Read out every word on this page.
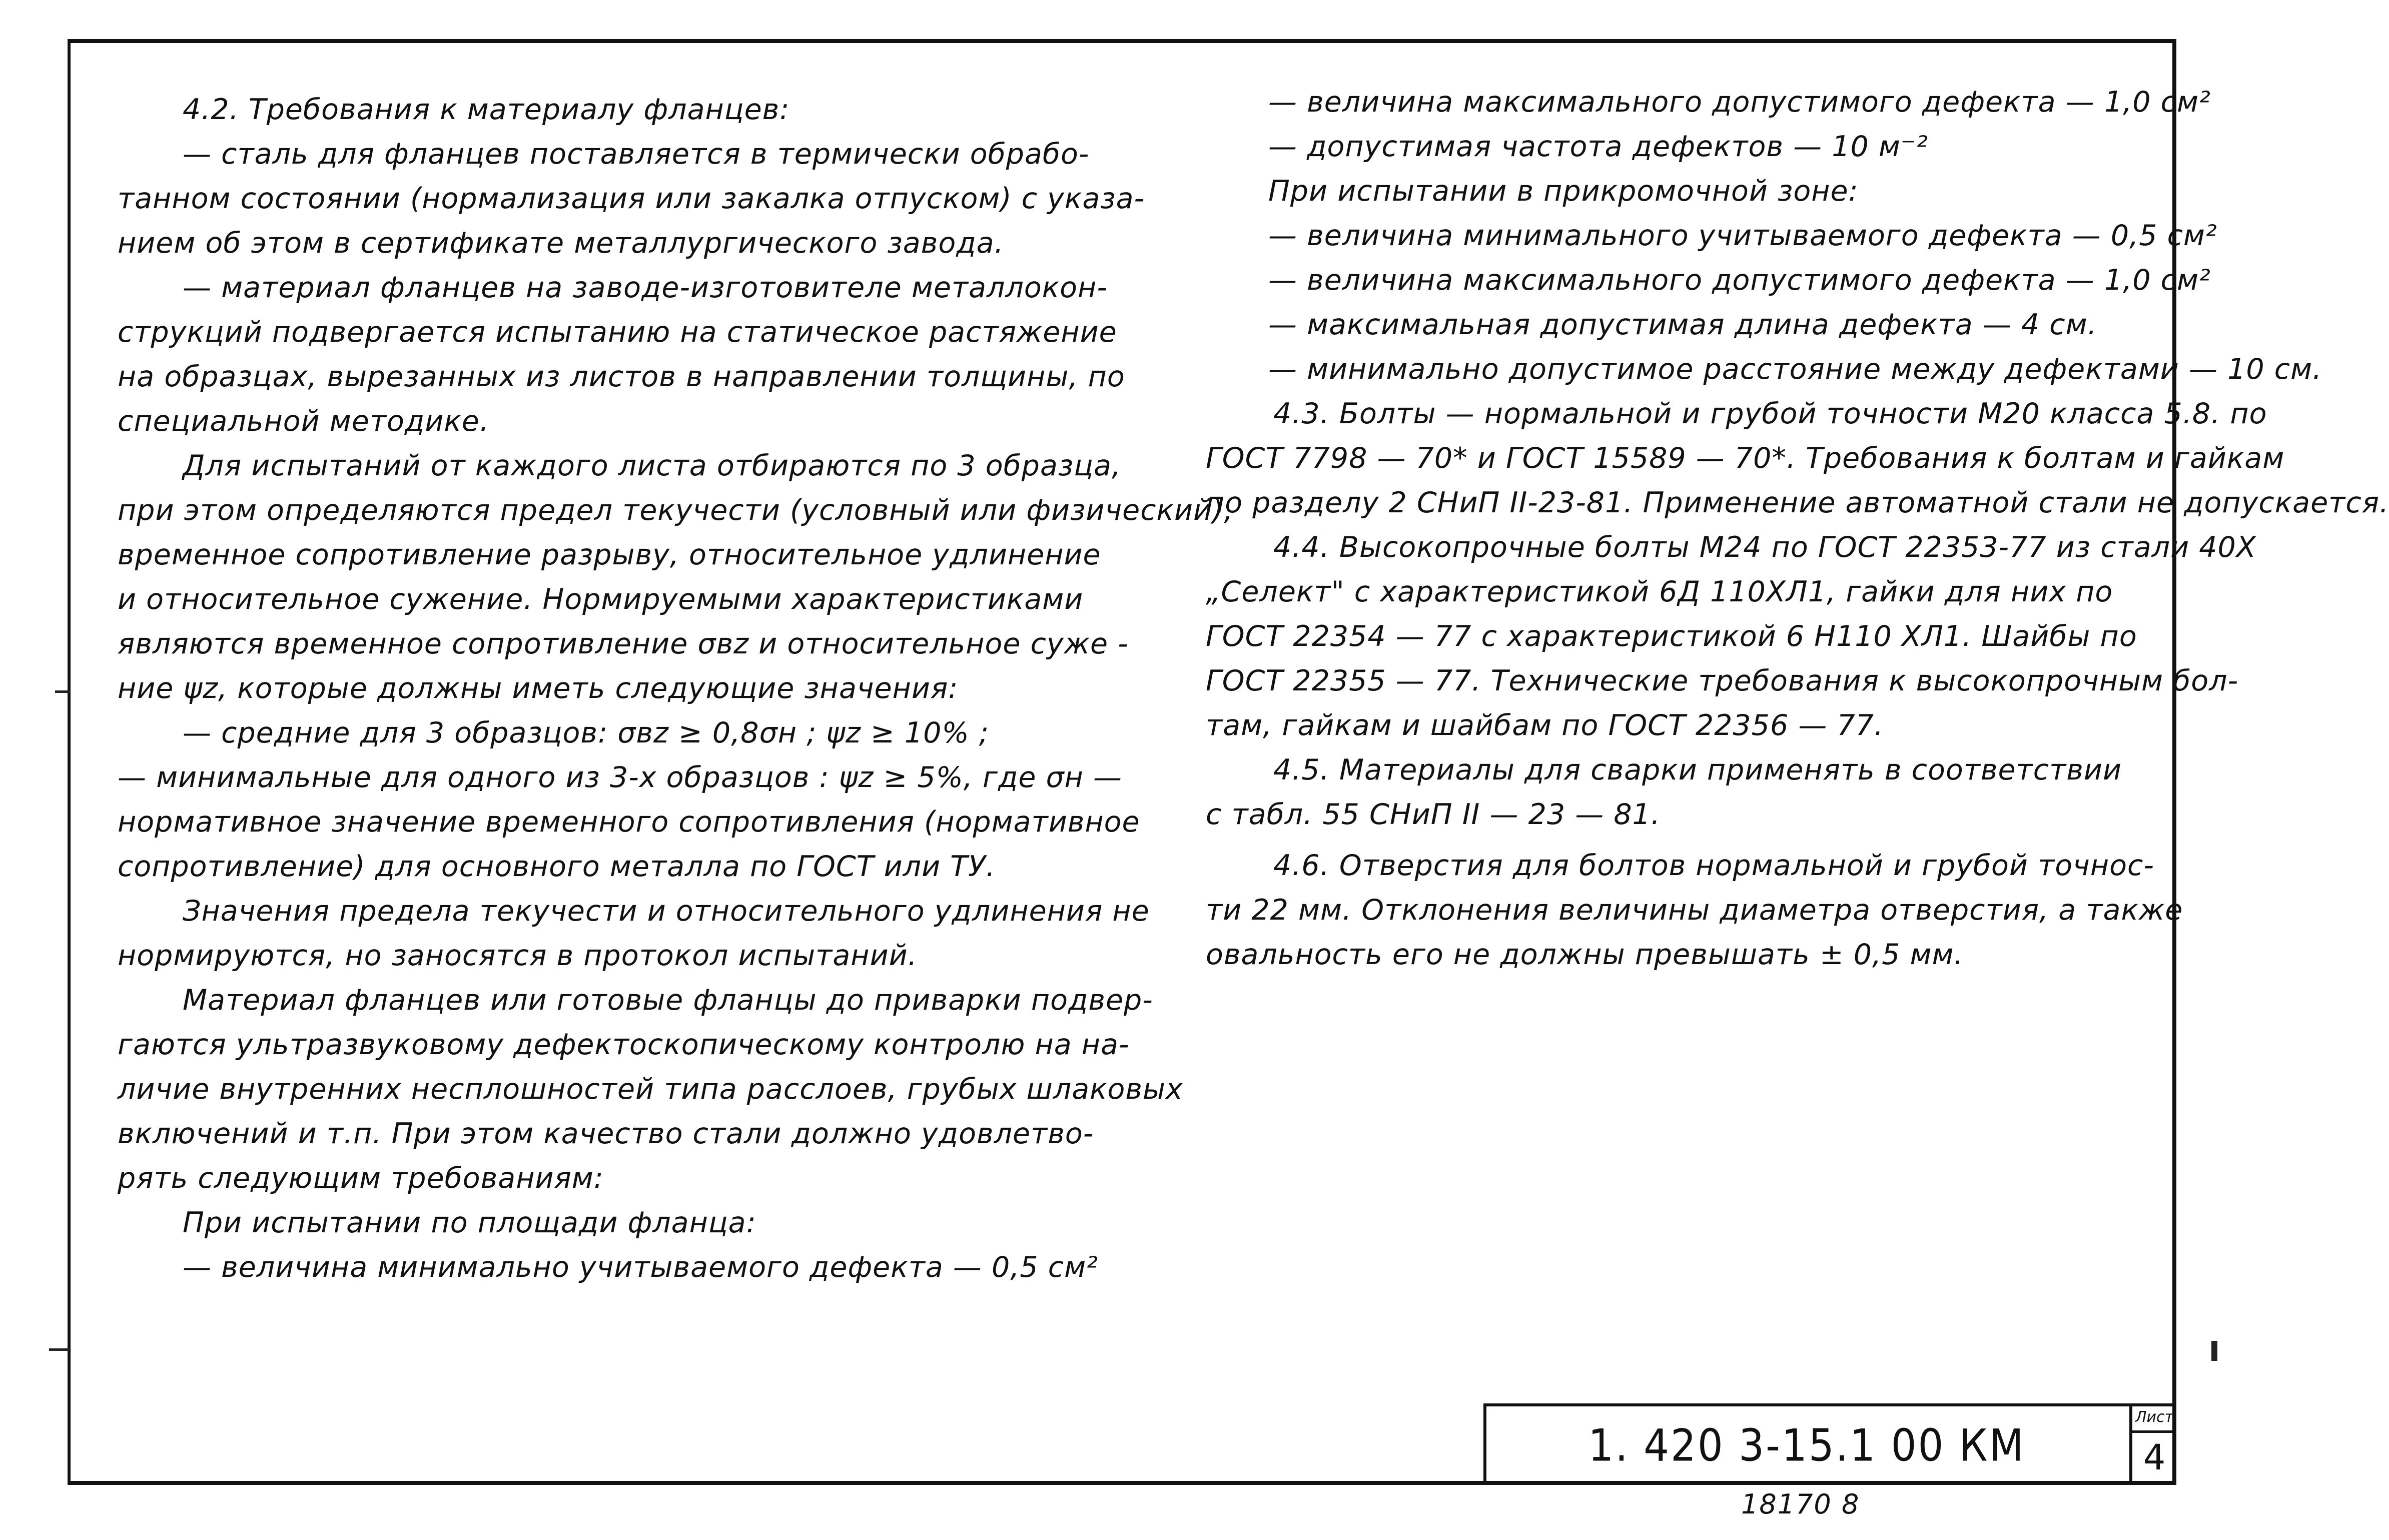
4.2. Требования к материалу фланцев:
— сталь для фланцев поставляется в термически обрабо-
танном состоянии (нормализация или закалка отпуском) с указа-
нием об этом в сертификате металлургического завода.
— материал фланцев на заводе-изготовителе металлокон-
струкций подвергается испытанию на статическое растяжение
на образцах, вырезанных из листов в направлении толщины, по
специальной методике.
Для испытаний от каждого листа отбираются по 3 образца,
при этом определяются предел текучести (условный или физический),
временное сопротивление разрыву, относительное удлинение
и относительное сужение. Нормируемыми характеристиками
являются временное сопротивление σвz и относительное суже -
ние ψz, которые должны иметь следующие значения:
— средние для 3 образцов: σвz ≥ 0,8σн ; ψz ≥ 10% ;
— минимальные для одного из 3-х образцов : ψz ≥ 5%, где σн —
нормативное значение временного сопротивления (нормативное
сопротивление) для основного металла по ГОСТ или ТУ.
Значения предела текучести и относительного удлинения не
нормируются, но заносятся в протокол испытаний.
Материал фланцев или готовые фланцы до приварки подвер-
гаются ультразвуковому дефектоскопическому контролю на на-
личие внутренних несплошностей типа расслоев, грубых шлаковых
включений и т.п. При этом качество стали должно удовлетво-
рять следующим требованиям:
При испытании по площади фланца:
— величина минимально учитываемого дефекта — 0,5 см²
— величина максимального допустимого дефекта — 1,0 см²
— допустимая частота дефектов — 10 м⁻²
При испытании в прикромочной зоне:
— величина минимального учитываемого дефекта — 0,5 см²
— величина максимального допустимого дефекта — 1,0 см²
— максимальная допустимая длина дефекта — 4 см.
— минимально допустимое расстояние между дефектами — 10 см.
4.3. Болты — нормальной и грубой точности М20 класса 5.8. по
ГОСТ 7798 — 70* и ГОСТ 15589 — 70*. Требования к болтам и гайкам
по разделу 2 СНиП II-23-81. Применение автоматной стали не допускается.
4.4. Высокопрочные болты М24 по ГОСТ 22353-77 из стали 40Х
„Селект" с характеристикой 6Д 110ХЛ1, гайки для них по
ГОСТ 22354 — 77 с характеристикой 6 Н110 ХЛ1. Шайбы по
ГОСТ 22355 — 77. Технические требования к высокопрочным бол-
там, гайкам и шайбам по ГОСТ 22356 — 77.
4.5. Материалы для сварки применять в соответствии
с табл. 55 СНиП II — 23 — 81.
4.6. Отверстия для болтов нормальной и грубой точнос-
ти 22 мм. Отклонения величины диаметра отверстия, а также
овальность его не должны превышать ± 0,5 мм.
1. 420 3-15.1 00 КМ
Лист
4
18170 8
